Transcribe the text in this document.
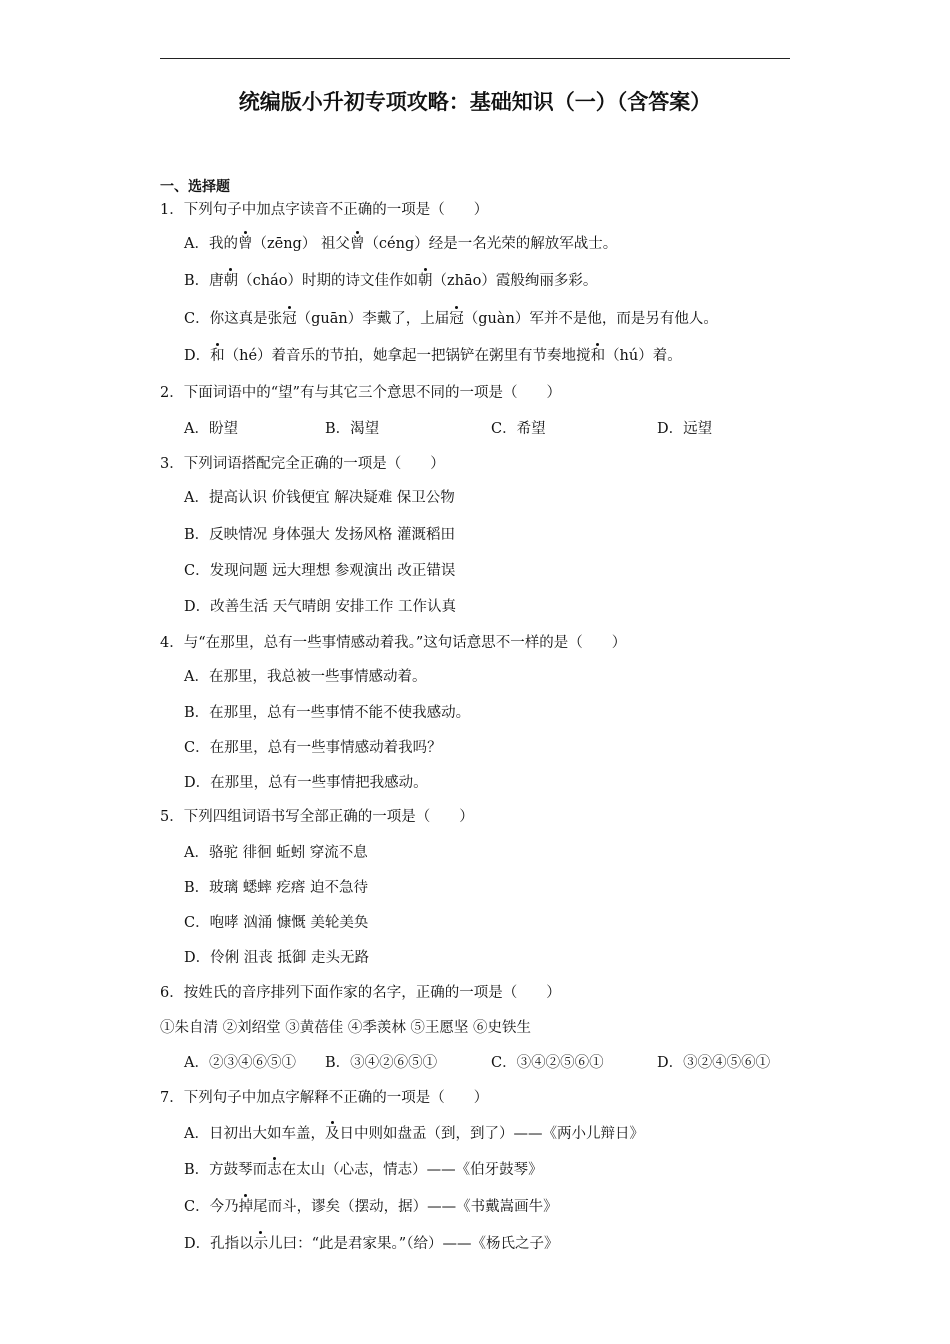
统编版小升初专项攻略：基础知识（一）（含答案）
一、选择题
1．下列句子中加点字读音不正确的一项是（　　）
A．我的曾（zēng） 祖父曾（céng）经是一名光荣的解放军战士。
B．唐朝（cháo）时期的诗文佳作如朝（zhāo）霞般绚丽多彩。
C．你这真是张冠（guān）李戴了，上届冠（guàn）军并不是他，而是另有他人。
D．和（hé）着音乐的节拍，她拿起一把锅铲在粥里有节奏地搅和（hú）着。
2．下面词语中的“望”有与其它三个意思不同的一项是（　　）
A．盼望	B．渴望	C．希望	D．远望
3．下列词语搭配完全正确的一项是（　　）
A．提高认识 价钱便宜 解决疑难 保卫公物
B．反映情况 身体强大 发扬风格 灌溉稻田
C．发现问题 远大理想 参观演出 改正错误
D．改善生活 天气晴朗 安排工作 工作认真
4．与“在那里，总有一些事情感动着我。”这句话意思不一样的是（　　）
A．在那里，我总被一些事情感动着。
B．在那里，总有一些事情不能不使我感动。
C．在那里，总有一些事情感动着我吗？
D．在那里，总有一些事情把我感动。
5．下列四组词语书写全部正确的一项是（　　）
A．骆驼 徘徊 蚯蚓 穿流不息
B．玻璃 蟋蟀 疙瘩 迫不急待
C．咆哮 汹涌 慷慨 美轮美奂
D．伶俐 沮丧 抵御 走头无路
6．按姓氏的音序排列下面作家的名字，正确的一项是（　　）
①朱自清 ②刘绍堂 ③黄蓓佳 ④季羡林 ⑤王愿坚 ⑥史铁生
A．②③④⑥⑤① B．③④②⑥⑤①	C．③④②⑤⑥①	D．③②④⑤⑥①
7．下列句子中加点字解释不正确的一项是（　　）
A．日初出大如车盖，及日中则如盘盂（到，到了）——《两小儿辩日》
B．方鼓琴而志在太山（心志，情志）——《伯牙鼓琴》
C．今乃掉尾而斗，谬矣（摆动，据）——《书戴嵩画牛》
D．孔指以示儿曰：“此是君家果。”（给）——《杨氏之子》
